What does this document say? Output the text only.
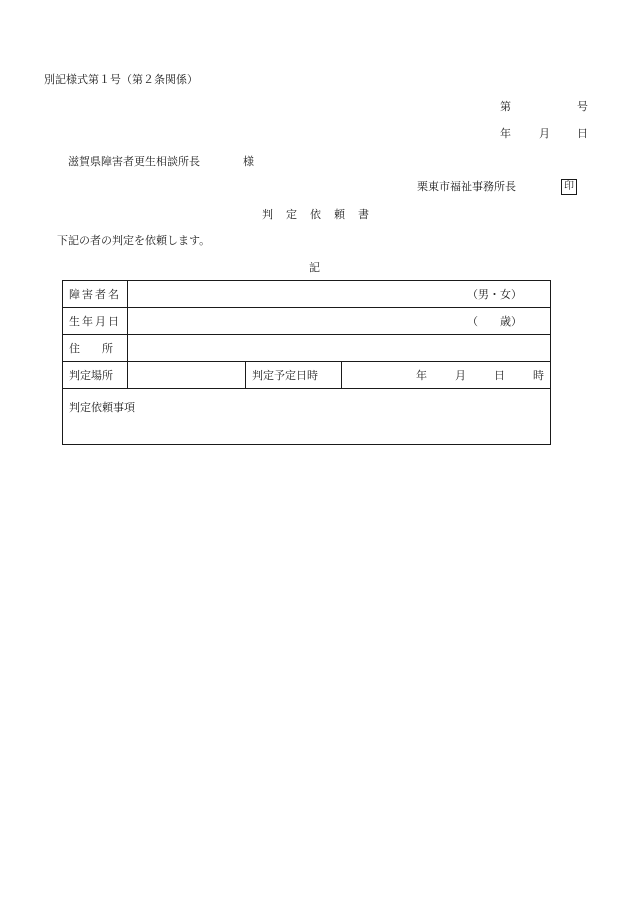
別記様式第１号（第２条関係）
第	号
年	月 日
滋賀県障害者更生相談所長	様
栗東市福祉事務所長	印
判定依頼書
下記の者の判定を依頼します。
記
障害者名	（男・女）		
生年月日	（　　歳）		
住　　所			
判定場所		判定予定日時	年 月 日 時

判定依頼事項			
